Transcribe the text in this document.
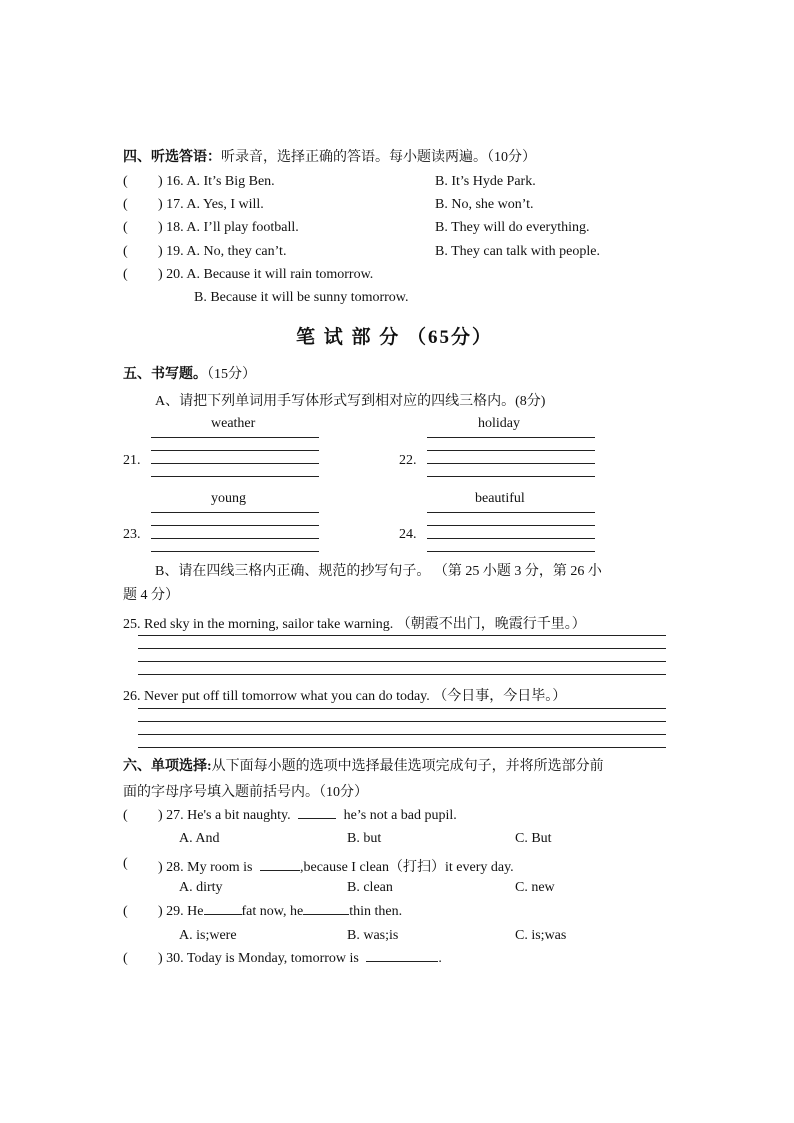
四、听选答语：听录音，选择正确的答语。每小题读两遍。（10分）
( ) 16. A. It’s Big Ben.	B. It’s Hyde Park.
( ) 17. A. Yes, I will.	B. No, she won’t.
( ) 18. A. I’ll play football.	B. They will do everything.
( ) 19. A. No, they can’t.	B. They can talk with people.
( ) 20. A. Because it will rain tomorrow.
B. Because it will be sunny tomorrow.
笔 试 部 分 （65分）
五、书写题。（15分）
A、请把下列单词用手写体形式写到相对应的四线三格内。(8分)
weather
21.
holiday
22.
young
23.
beautiful
24.
B、请在四线三格内正确、规范的抄写句子。 （第 25 小题 3 分，第 26 小
题 4 分）
25. Red sky in the morning, sailor take warning. （朝霞不出门，晚霞行千里。）
26. Never put off till tomorrow what you can do today. （今日事，今日毕。）
六、单项选择:从下面每小题的选项中选择最佳选项完成句子，并将所选部分前
面的字母序号填入题前括号内。（10分）
( ) 27. He's a bit naughty.	he’s not a bad pupil.
A. And	B. but	C. But
( ) 28. My room is	,because I clean（打扫）it every day.
A. dirty	B. clean	C. new
( ) 29. He	fat now, he	thin then.
A. is;were	B. was;is	C. is;was
( ) 30. Today is Monday, tomorrow is	.
